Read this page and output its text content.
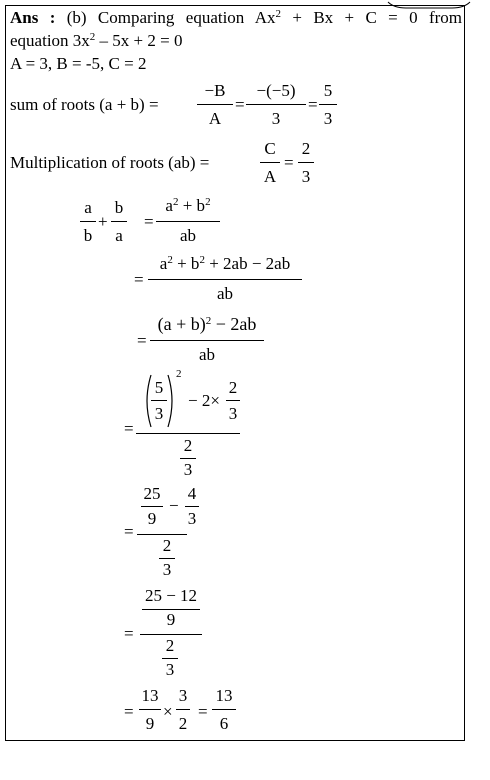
Ans : (b) Comparing equation $Ax^2 + Bx + C = 0$ from
equation $3x^2 - 5x + 2 = 0$
A = 3, B = -5, C = 2
sum of roots (a + b) =
−B
A
=
−(−5)
3
=
5
3
Multiplication of roots (ab) =
C
A
=
2
3
a
b
+
b
a
=
$a^2 + b^2$
ab
=
$a^2 + b^2 + 2ab - 2ab$
ab
=
$(a + b)^2 - 2ab$
ab
=
5
3
2
− 2×
2
3
2
3
=
25
9
−
4
3
2
3
=
25 − 12
9
2
3
=
13
9
×
3
2
=
13
6
